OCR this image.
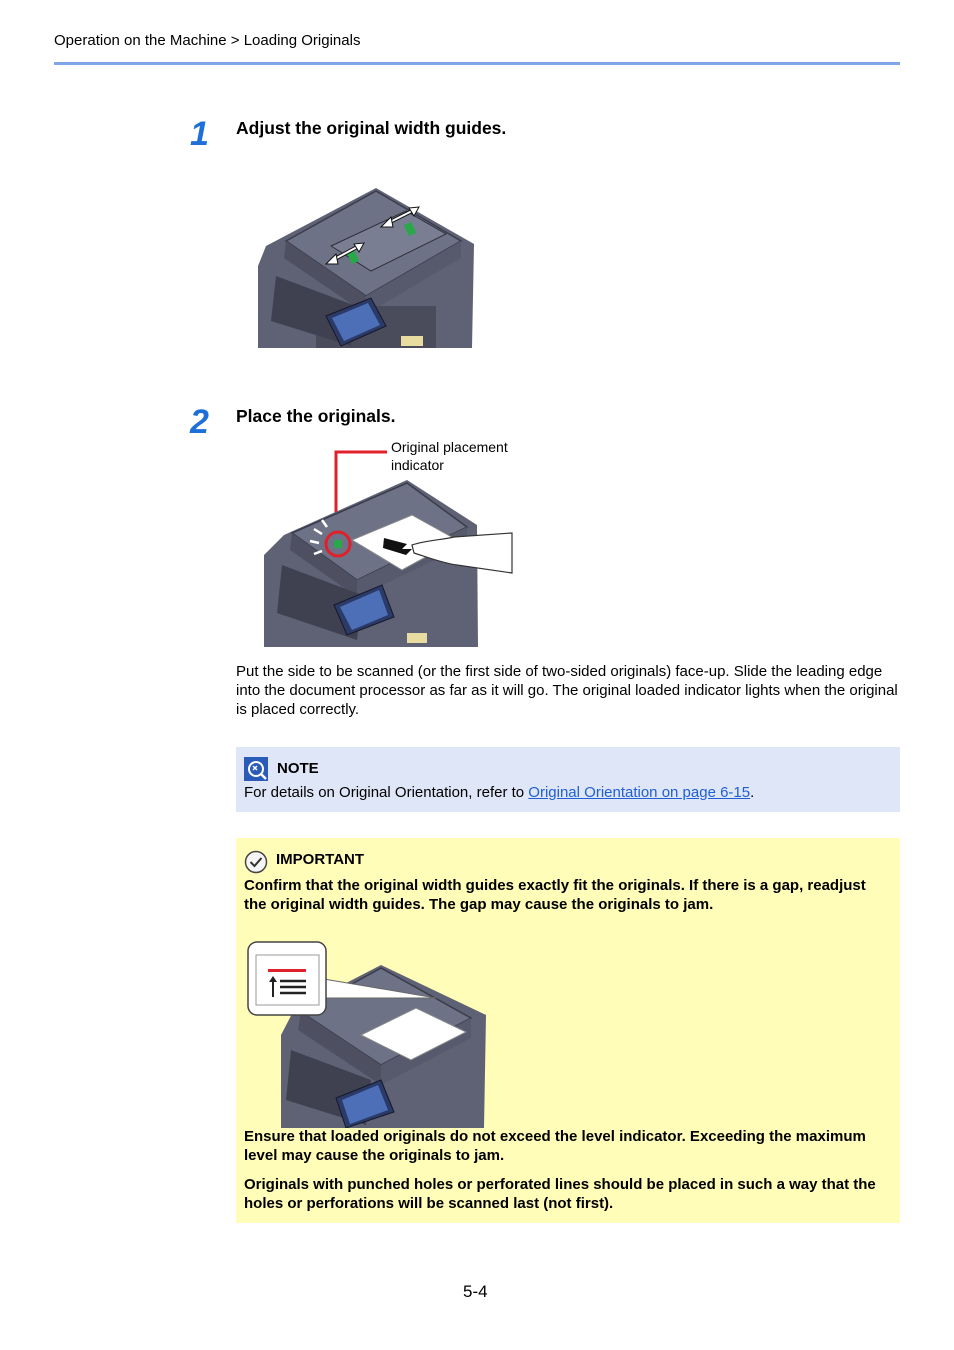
Operation on the Machine > Loading Originals
1 Adjust the original width guides.
2 Place the originals.
Original placement
indicator
Put the side to be scanned (or the first side of two-sided originals) face-up. Slide the leading edge into the document processor as far as it will go. The original loaded indicator lights when the original is placed correctly.
NOTE
For details on Original Orientation, refer to Original Orientation on page 6-15.
IMPORTANT
Confirm that the original width guides exactly fit the originals. If there is a gap, readjust the original width guides. The gap may cause the originals to jam.
Ensure that loaded originals do not exceed the level indicator. Exceeding the maximum level may cause the originals to jam.
Originals with punched holes or perforated lines should be placed in such a way that the holes or perforations will be scanned last (not first).
5-4
